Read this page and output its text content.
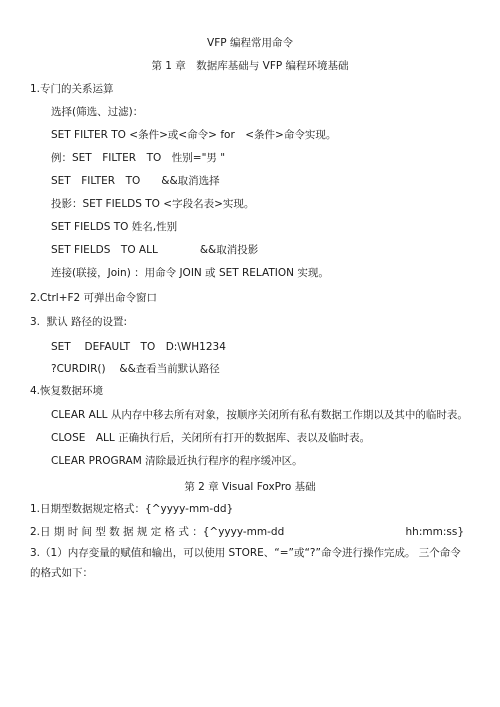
VFP 编程常用命令
第 1 章　数据库基础与 VFP 编程环境基础
1.专门的关系运算
选择(筛选、过滤)：
SET FILTER TO <条件>或<命令> for　<条件>命令实现。
例：SET　FILTER　TO　性别="男 "
SET　FILTER　TO　　&&取消选择
投影：SET FIELDS TO <字段名表>实现。
SET FIELDS TO 姓名,性别
SET FIELDS　TO ALL　　　　&&取消投影
连接(联接，Join) ：用命令 JOIN 或 SET RELATION 实现。
2.Ctrl+F2 可弹出命令窗口
3.  默认 路径的设置:
SET　 DEFAULT　TO　D:\WH1234
?CURDIR()　 &&查看当前默认路径
4.恢复数据环境
CLEAR ALL 从内存中移去所有对象，按顺序关闭所有私有数据工作期以及其中的临时表。
CLOSE　ALL 正确执行后，关闭所有打开的数据库、表以及临时表。
CLEAR PROGRAM 清除最近执行程序的程序缓冲区。
第 2 章 Visual FoxPro 基础
1.日期型数据规定格式：{^yyyy-mm-dd}
2.日 期 时 间 型 数 据 规 定 格 式 ：{^yyyy-mm-dd	hh:mm:ss}
3.（1）内存变量的赋值和输出，可以使用 STORE、“=”或“?”命令进行操作完成。 三个命令的格式如下：
